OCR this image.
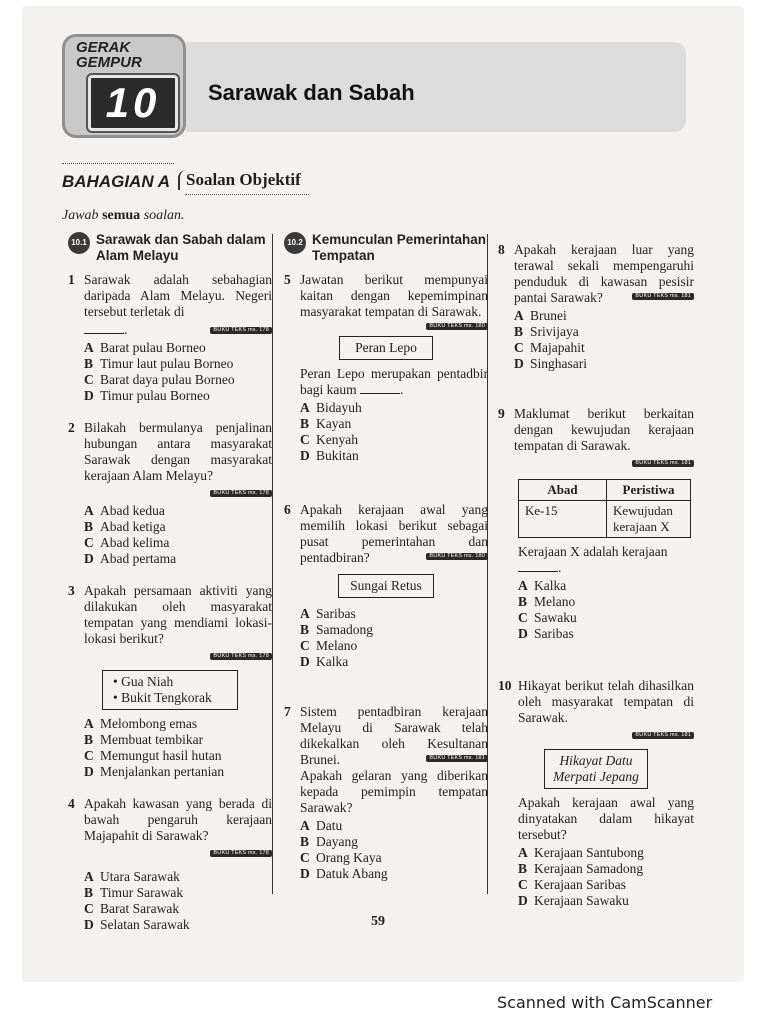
GERAK
GEMPUR
10	Sarawak dan Sabah
BAHAGIAN A Soalan Objektif
Jawab semua soalan.
10.1 Sarawak dan Sabah dalam Alam Melayu
1 Sarawak adalah sebahagian daripada Alam Melayu. Negeri tersebut terletak di
.	BUKU TEKS ms. 178
A Barat pulau Borneo
B Timur laut pulau Borneo
C Barat daya pulau Borneo
D Timur pulau Borneo
2 Bilakah bermulanya penjalinan hubungan antara masyarakat Sarawak dengan masyarakat kerajaan Alam Melayu?
BUKU TEKS ms. 178
A Abad kedua
B Abad ketiga
C Abad kelima
D Abad pertama
3 Apakah persamaan aktiviti yang dilakukan oleh masyarakat tempatan yang mendiami lokasi-lokasi berikut?
BUKU TEKS ms. 178
• Gua Niah
• Bukit Tengkorak
A Melombong emas
B Membuat tembikar
C Memungut hasil hutan
D Menjalankan pertanian
4 Apakah kawasan yang berada di bawah pengaruh kerajaan Majapahit di Sarawak?
BUKU TEKS ms. 178
A Utara Sarawak
B Timur Sarawak
C Barat Sarawak
D Selatan Sarawak
10.2 Kemunculan Pemerintahan Tempatan
5 Jawatan berikut mempunyai kaitan dengan kepemimpinan masyarakat tempatan di Sarawak.
BUKU TEKS ms. 180
Peran Lepo
Peran Lepo merupakan pentadbir bagi kaum	.
A Bidayuh
B Kayan
C Kenyah
D Bukitan
6 Apakah kerajaan awal yang memilih lokasi berikut sebagai pusat pemerintahan dan pentadbiran?	BUKU TEKS ms. 180
Sungai Retus
A Saribas
B Samadong
C Melano
D Kalka
7 Sistem pentadbiran kerajaan Melayu di Sarawak telah dikekalkan oleh Kesultanan Brunei.	BUKU TEKS ms. 181
Apakah gelaran yang diberikan kepada pemimpin tempatan Sarawak?
A Datu
B Dayang
C Orang Kaya
D Datuk Abang
8 Apakah kerajaan luar yang terawal sekali mempengaruhi penduduk di kawasan pesisir pantai Sarawak?	BUKU TEKS ms. 181
A Brunei
B Srivijaya
C Majapahit
D Singhasari
9 Maklumat berikut berkaitan dengan kewujudan kerajaan tempatan di Sarawak.
BUKU TEKS ms. 181
Abad	Peristiwa
Ke-15	Kewujudan kerajaan X
Kerajaan X adalah kerajaan
.
A Kalka
B Melano
C Sawaku
D Saribas
10 Hikayat berikut telah dihasilkan oleh masyarakat tempatan di Sarawak.
BUKU TEKS ms. 181
Hikayat Datu Merpati Jepang
Apakah kerajaan awal yang dinyatakan dalam hikayat tersebut?
A Kerajaan Santubong
B Kerajaan Samadong
C Kerajaan Saribas
D Kerajaan Sawaku
59
Scanned with CamScanner
